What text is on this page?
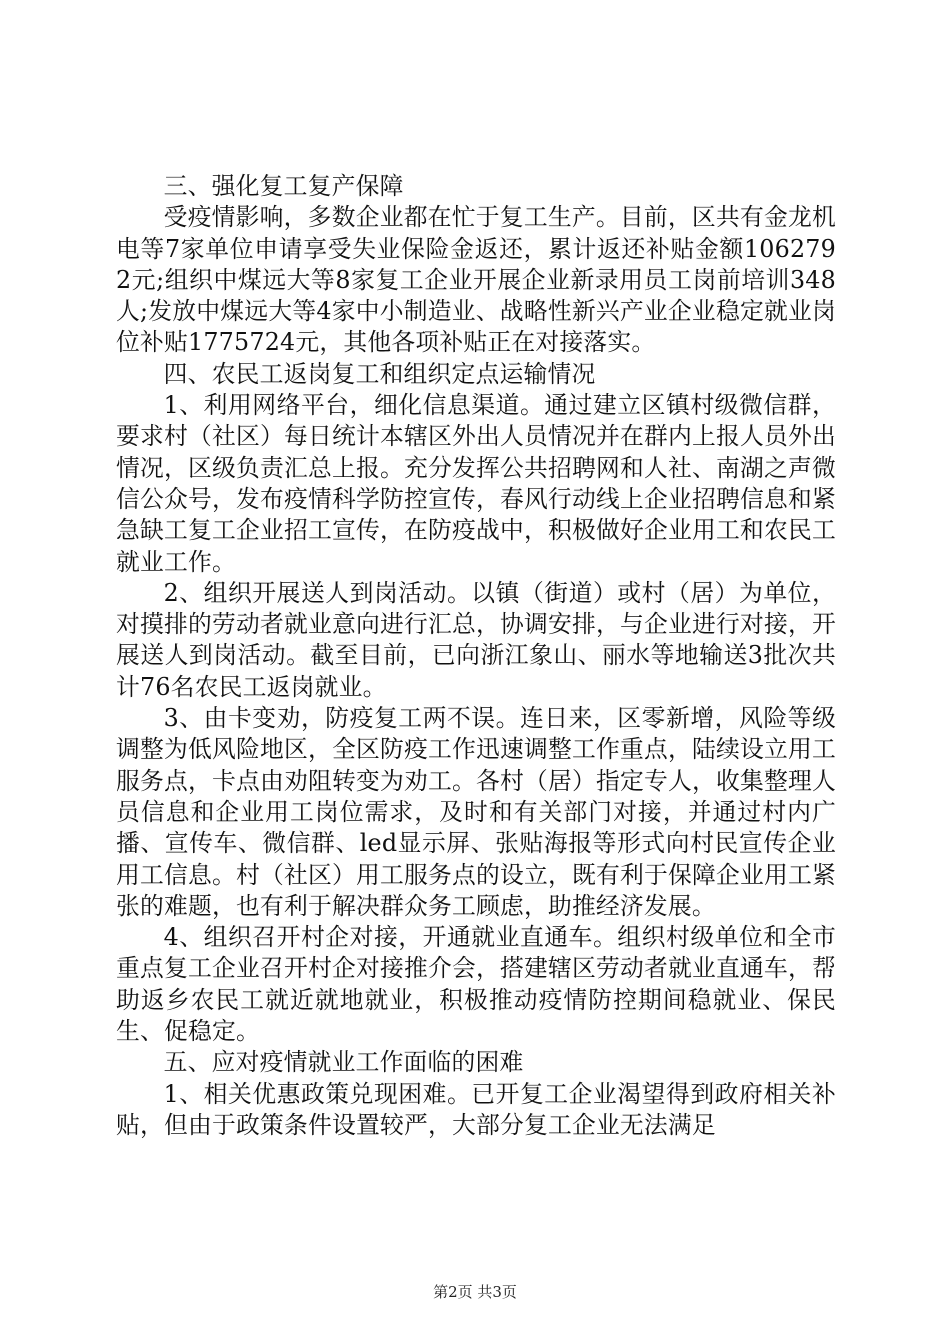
三、强化复工复产保障

受疫情影响，多数企业都在忙于复工生产。目前，区共有金龙机电等7家单位申请享受失业保险金返还，累计返还补贴金额1062792元;组织中煤远大等8家复工企业开展企业新录用员工岗前培训348人;发放中煤远大等4家中小制造业、战略性新兴产业企业稳定就业岗位补贴1775724元，其他各项补贴正在对接落实。

四、农民工返岗复工和组织定点运输情况

1、利用网络平台，细化信息渠道。通过建立区镇村级微信群，要求村（社区）每日统计本辖区外出人员情况并在群内上报人员外出情况，区级负责汇总上报。充分发挥公共招聘网和人社、南湖之声微信公众号，发布疫情科学防控宣传，春风行动线上企业招聘信息和紧急缺工复工企业招工宣传，在防疫战中，积极做好企业用工和农民工就业工作。

2、组织开展送人到岗活动。以镇（街道）或村（居）为单位，对摸排的劳动者就业意向进行汇总，协调安排，与企业进行对接，开展送人到岗活动。截至目前，已向浙江象山、丽水等地输送3批次共计76名农民工返岗就业。

3、由卡变劝，防疫复工两不误。连日来，区零新增，风险等级调整为低风险地区，全区防疫工作迅速调整工作重点，陆续设立用工服务点，卡点由劝阻转变为劝工。各村（居）指定专人，收集整理人员信息和企业用工岗位需求，及时和有关部门对接，并通过村内广播、宣传车、微信群、led显示屏、张贴海报等形式向村民宣传企业用工信息。村（社区）用工服务点的设立，既有利于保障企业用工紧张的难题，也有利于解决群众务工顾虑，助推经济发展。

4、组织召开村企对接，开通就业直通车。组织村级单位和全市重点复工企业召开村企对接推介会，搭建辖区劳动者就业直通车，帮助返乡农民工就近就地就业，积极推动疫情防控期间稳就业、保民生、促稳定。

五、应对疫情就业工作面临的困难

1、相关优惠政策兑现困难。已开复工企业渴望得到政府相关补贴，但由于政策条件设置较严，大部分复工企业无法满足

第2页 共3页
